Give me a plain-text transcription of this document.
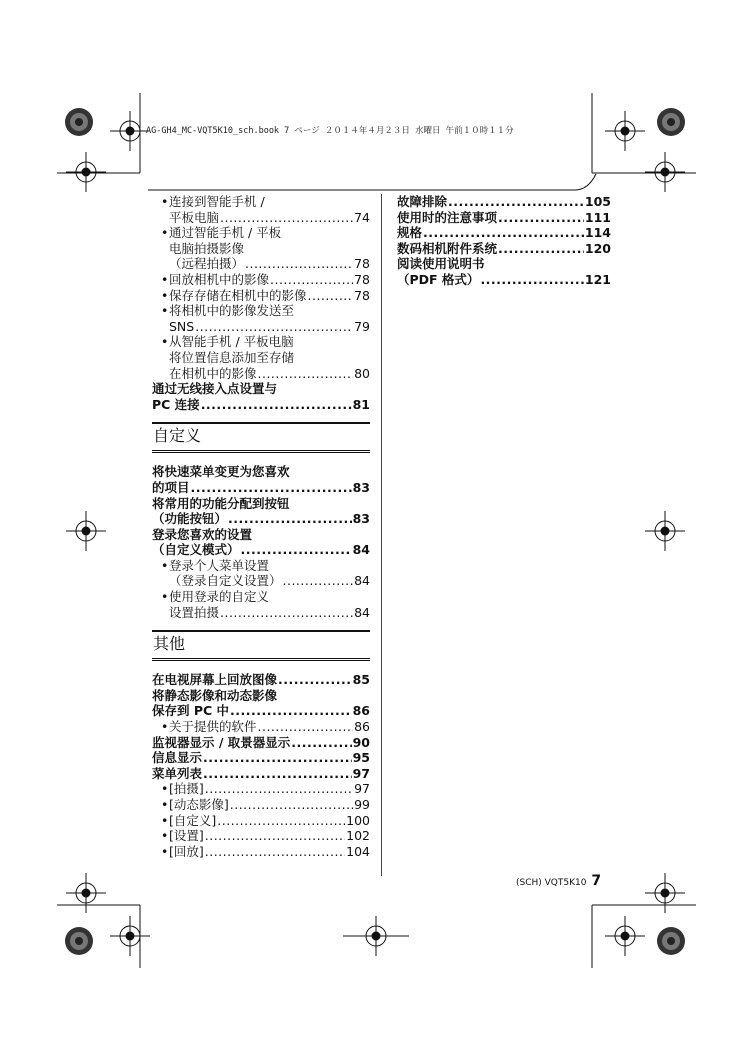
AG-GH4_MC-VQT5K10_sch.book 7 ページ ２０１４年４月２３日 水曜日 午前１０時１１分
• 连接到智能手机 /
平板电脑 .....	74
• 通过智能手机 / 平板
电脑拍摄影像
（远程拍摄） .....	78
• 回放相机中的影像 .....	78
• 保存存储在相机中的影像 .....	78
• 将相机中的影像发送至
SNS .....	79
• 从智能手机 / 平板电脑
将位置信息添加至存储
在相机中的影像 .....	80
通过无线接入点设置与
PC 连接 .....	81
自定义
将快速菜单变更为您喜欢
的项目 .....	83
将常用的功能分配到按钮
（功能按钮） .....	83
登录您喜欢的设置
（自定义模式） .....	84
• 登录个人菜单设置
（登录自定义设置） .....	84
• 使用登录的自定义
设置拍摄 .....	84
其他
在电视屏幕上回放图像 .....	85
将静态影像和动态影像
保存到 PC 中 .....	86
• 关于提供的软件 .....	86
监视器显示 / 取景器显示 .....	90
信息显示 .....	95
菜单列表 .....	97
• [拍摄] .....	97
• [动态影像] .....	99
• [自定义] .....	100
• [设置] .....	102
• [回放] .....	104
故障排除 .....	105
使用时的注意事项 .....	111
规格 .....	114
数码相机附件系统 .....	120
阅读使用说明书
（PDF 格式） .....	121
(SCH) VQT5K10 7
